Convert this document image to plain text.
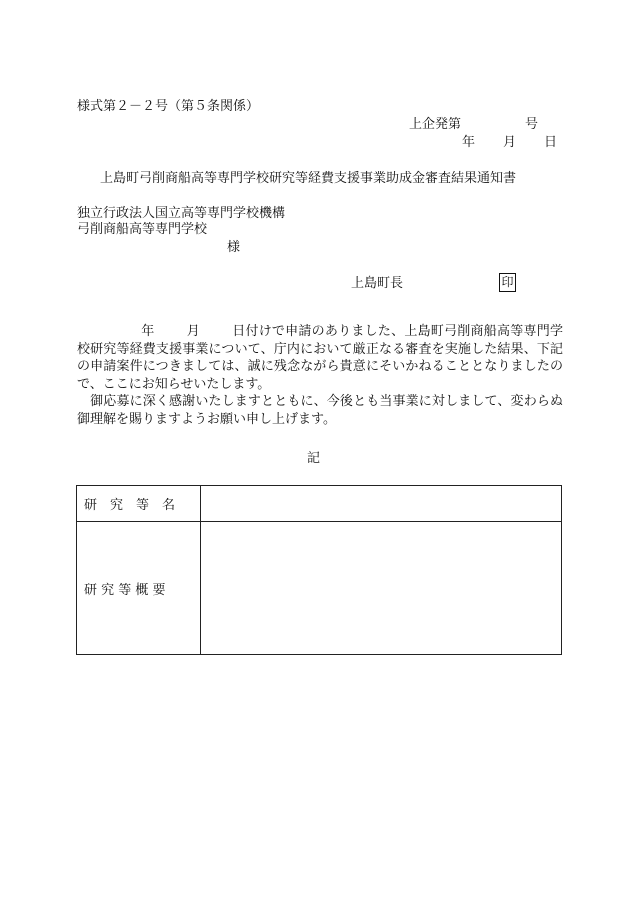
様式第２－２号（第５条関係）
上企発第	号
年 月 日
上島町弓削商船高等専門学校研究等経費支援事業助成金審査結果通知書
独立行政法人国立高等専門学校機構
弓削商船高等専門学校
様
上島町長	印

年 月 日付けで申請のありました、上島町弓削商船高等専門学校研究等経費支援事業について、庁内において厳正なる審査を実施した結果、下記の申請案件につきましては、誠に残念ながら貴意にそいかねることとなりましたので、ここにお知らせいたします。

　御応募に深く感謝いたしますとともに、今後とも当事業に対しまして、変わらぬ御理解を賜りますようお願い申し上げます。

記
研　究　等　名	
研 究 等 概 要	
